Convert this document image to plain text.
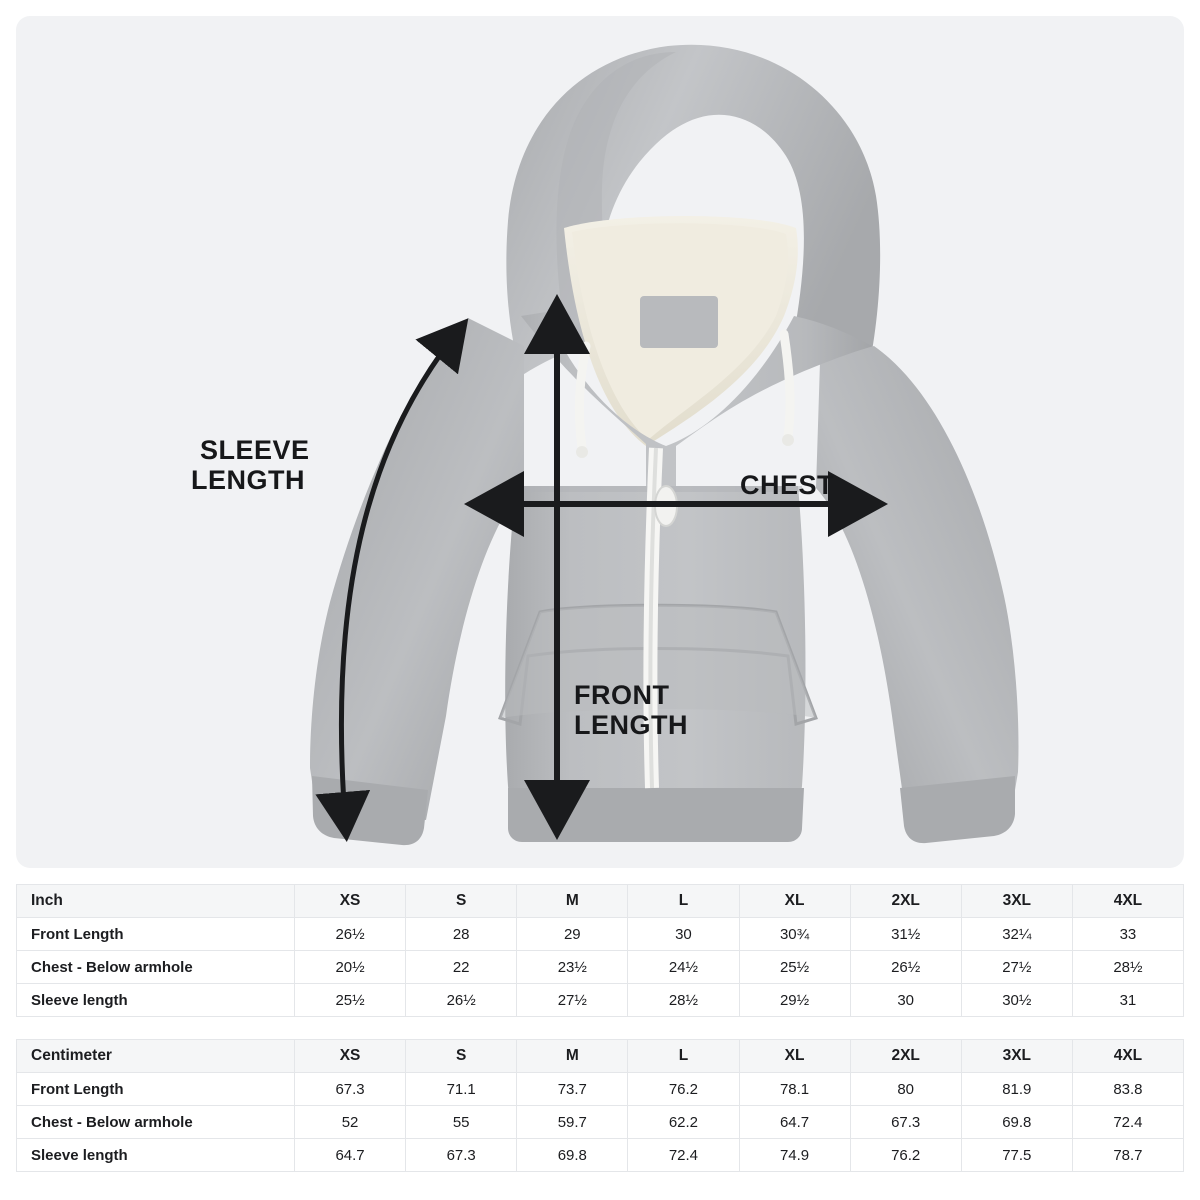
SLEEVE
LENGTH	CHEST
FRONT
LENGTH
Inch	XS	S	M	L	XL	2XL	3XL	4XL
Front Length	26½	28	29	30	30¾	31½	32¼	33
Chest - Below armhole	20½	22	23½	24½	25½	26½	27½	28½
Sleeve length	25½	26½	27½	28½	29½	30	30½	31
Centimeter	XS	S	M	L	XL	2XL	3XL	4XL
Front Length	67.3	71.1	73.7	76.2	78.1	80	81.9	83.8
Chest - Below armhole	52	55	59.7	62.2	64.7	67.3	69.8	72.4
Sleeve length	64.7	67.3	69.8	72.4	74.9	76.2	77.5	78.7
